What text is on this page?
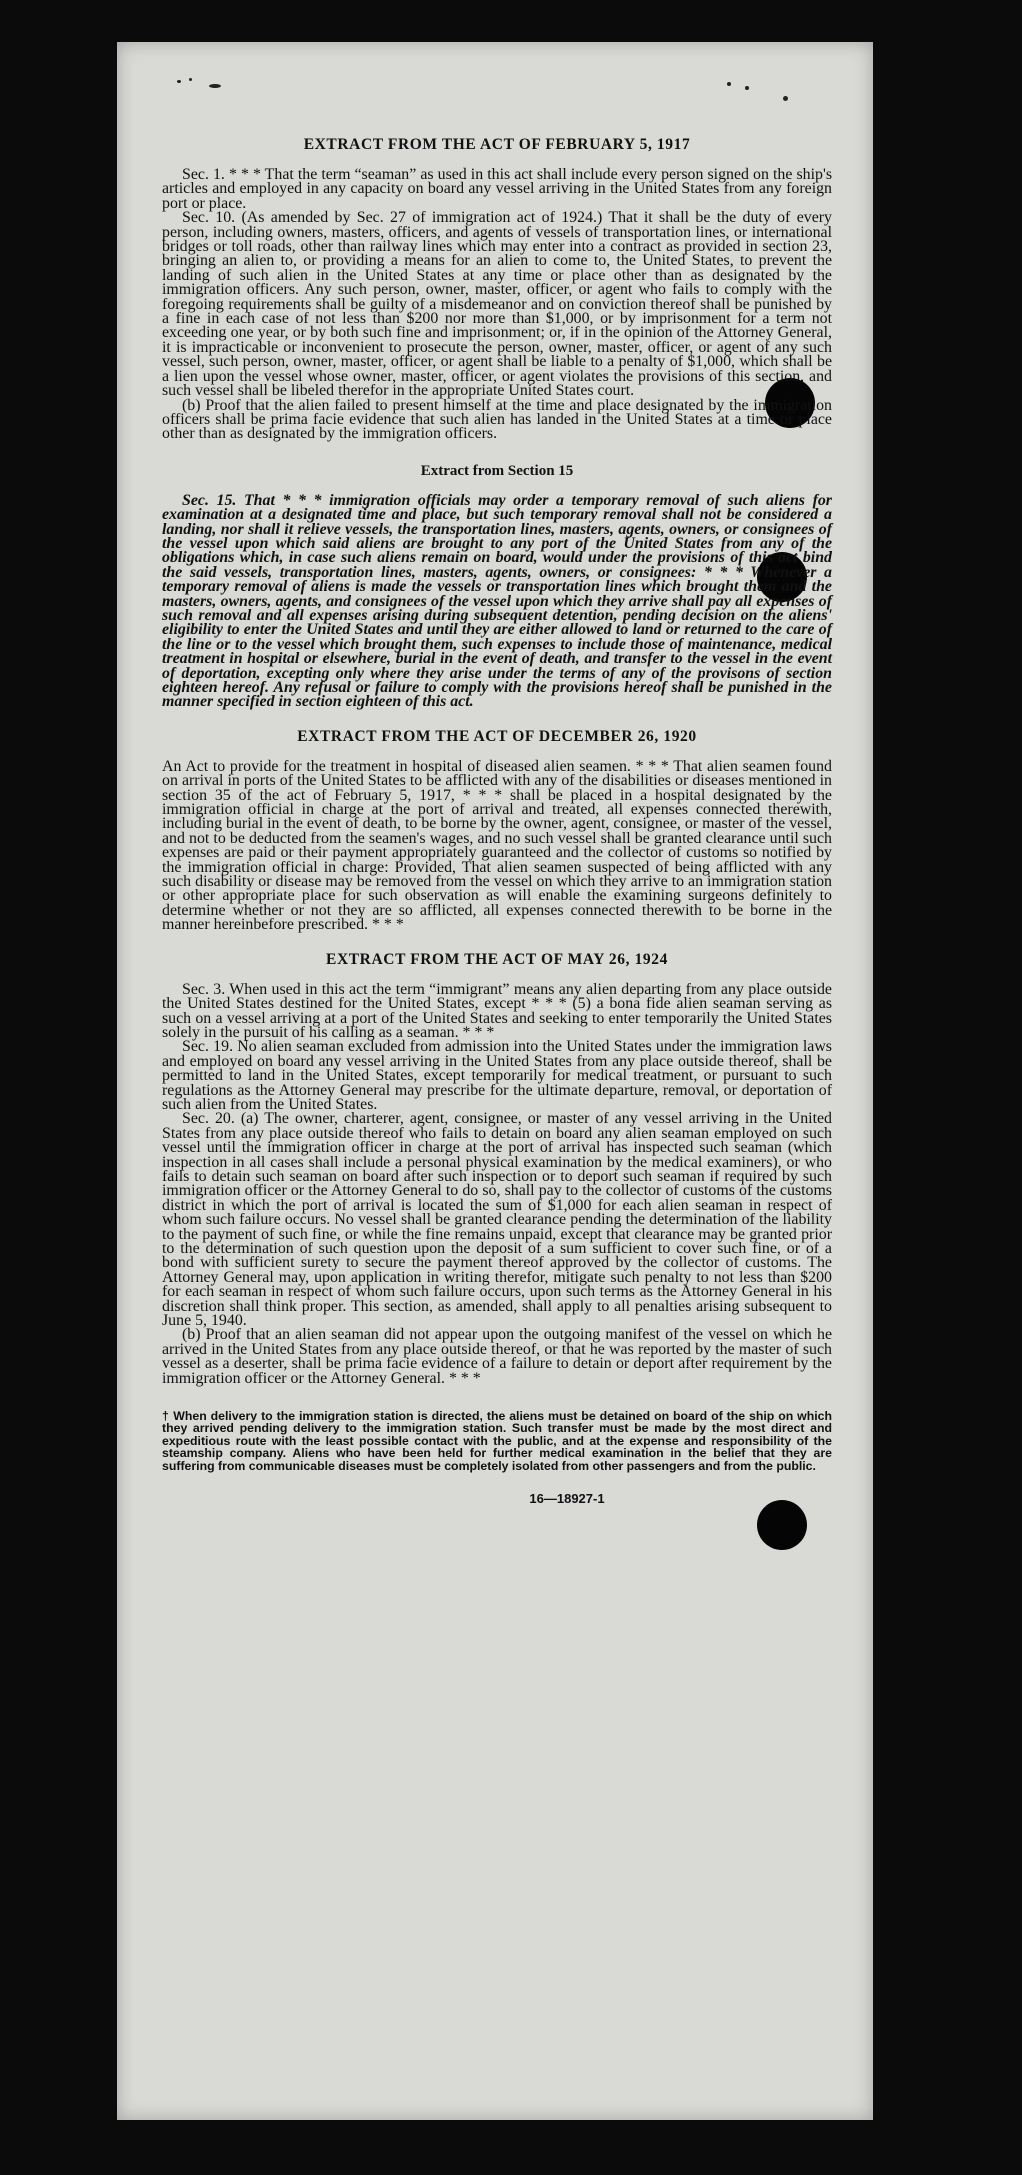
EXTRACT FROM THE ACT OF FEBRUARY 5, 1917

Sec. 1. * * * That the term “seaman” as used in this act shall include every person signed on the ship's articles and employed in any capacity on board any vessel arriving in the United States from any foreign port or place.

Sec. 10. (As amended by Sec. 27 of immigration act of 1924.) That it shall be the duty of every person, including owners, masters, officers, and agents of vessels of transportation lines, or international bridges or toll roads, other than railway lines which may enter into a contract as provided in section 23, bringing an alien to, or providing a means for an alien to come to, the United States, to prevent the landing of such alien in the United States at any time or place other than as designated by the immigration officers. Any such person, owner, master, officer, or agent who fails to comply with the foregoing requirements shall be guilty of a misdemeanor and on conviction thereof shall be punished by a fine in each case of not less than $200 nor more than $1,000, or by imprisonment for a term not exceeding one year, or by both such fine and imprisonment; or, if in the opinion of the Attorney General, it is impracticable or inconvenient to prosecute the person, owner, master, officer, or agent of any such vessel, such person, owner, master, officer, or agent shall be liable to a penalty of $1,000, which shall be a lien upon the vessel whose owner, master, officer, or agent violates the provisions of this section, and such vessel shall be libeled therefor in the appropriate United States court.

(b) Proof that the alien failed to present himself at the time and place designated by the immigration officers shall be prima facie evidence that such alien has landed in the United States at a time or place other than as designated by the immigration officers.

Extract from Section 15

Sec. 15. That * * * immigration officials may order a temporary removal of such aliens for examination at a designated time and place, but such temporary removal shall not be considered a landing, nor shall it relieve vessels, the transportation lines, masters, agents, owners, or consignees of the vessel upon which said aliens are brought to any port of the United States from any of the obligations which, in case such aliens remain on board, would under the provisions of this act bind the said vessels, transportation lines, masters, agents, owners, or consignees: * * * Whenever a temporary removal of aliens is made the vessels or transportation lines which brought them and the masters, owners, agents, and consignees of the vessel upon which they arrive shall pay all expenses of such removal and all expenses arising during subsequent detention, pending decision on the aliens' eligibility to enter the United States and until they are either allowed to land or returned to the care of the line or to the vessel which brought them, such expenses to include those of maintenance, medical treatment in hospital or elsewhere, burial in the event of death, and transfer to the vessel in the event of deportation, excepting only where they arise under the terms of any of the provisons of section eighteen hereof. Any refusal or failure to comply with the provisions hereof shall be punished in the manner specified in section eighteen of this act.

EXTRACT FROM THE ACT OF DECEMBER 26, 1920

An Act to provide for the treatment in hospital of diseased alien seamen. * * * That alien seamen found on arrival in ports of the United States to be afflicted with any of the disabilities or diseases mentioned in section 35 of the act of February 5, 1917, * * * shall be placed in a hospital designated by the immigration official in charge at the port of arrival and treated, all expenses connected therewith, including burial in the event of death, to be borne by the owner, agent, consignee, or master of the vessel, and not to be deducted from the seamen's wages, and no such vessel shall be granted clearance until such expenses are paid or their payment appropriately guaranteed and the collector of customs so notified by the immigration official in charge: Provided, That alien seamen suspected of being afflicted with any such disability or disease may be removed from the vessel on which they arrive to an immigration station or other appropriate place for such observation as will enable the examining surgeons definitely to determine whether or not they are so afflicted, all expenses connected therewith to be borne in the manner hereinbefore prescribed. * * *

EXTRACT FROM THE ACT OF MAY 26, 1924

Sec. 3. When used in this act the term “immigrant” means any alien departing from any place outside the United States destined for the United States, except * * * (5) a bona fide alien seaman serving as such on a vessel arriving at a port of the United States and seeking to enter temporarily the United States solely in the pursuit of his calling as a seaman. * * *

Sec. 19. No alien seaman excluded from admission into the United States under the immigration laws and employed on board any vessel arriving in the United States from any place outside thereof, shall be permitted to land in the United States, except temporarily for medical treatment, or pursuant to such regulations as the Attorney General may prescribe for the ultimate departure, removal, or deportation of such alien from the United States.

Sec. 20. (a) The owner, charterer, agent, consignee, or master of any vessel arriving in the United States from any place outside thereof who fails to detain on board any alien seaman employed on such vessel until the immigration officer in charge at the port of arrival has inspected such seaman (which inspection in all cases shall include a personal physical examination by the medical examiners), or who fails to detain such seaman on board after such inspection or to deport such seaman if required by such immigration officer or the Attorney General to do so, shall pay to the collector of customs of the customs district in which the port of arrival is located the sum of $1,000 for each alien seaman in respect of whom such failure occurs. No vessel shall be granted clearance pending the determination of the liability to the payment of such fine, or while the fine remains unpaid, except that clearance may be granted prior to the determination of such question upon the deposit of a sum sufficient to cover such fine, or of a bond with sufficient surety to secure the payment thereof approved by the collector of customs. The Attorney General may, upon application in writing therefor, mitigate such penalty to not less than $200 for each seaman in respect of whom such failure occurs, upon such terms as the Attorney General in his discretion shall think proper. This section, as amended, shall apply to all penalties arising subsequent to June 5, 1940.

(b) Proof that an alien seaman did not appear upon the outgoing manifest of the vessel on which he arrived in the United States from any place outside thereof, or that he was reported by the master of such vessel as a deserter, shall be prima facie evidence of a failure to detain or deport after requirement by the immigration officer or the Attorney General. * * *

† When delivery to the immigration station is directed, the aliens must be detained on board of the ship on which they arrived pending delivery to the immigration station. Such transfer must be made by the most direct and expeditious route with the least possible contact with the public, and at the expense and responsibility of the steamship company. Aliens who have been held for further medical examination in the belief that they are suffering from communicable diseases must be completely isolated from other passengers and from the public.

16—18927-1
